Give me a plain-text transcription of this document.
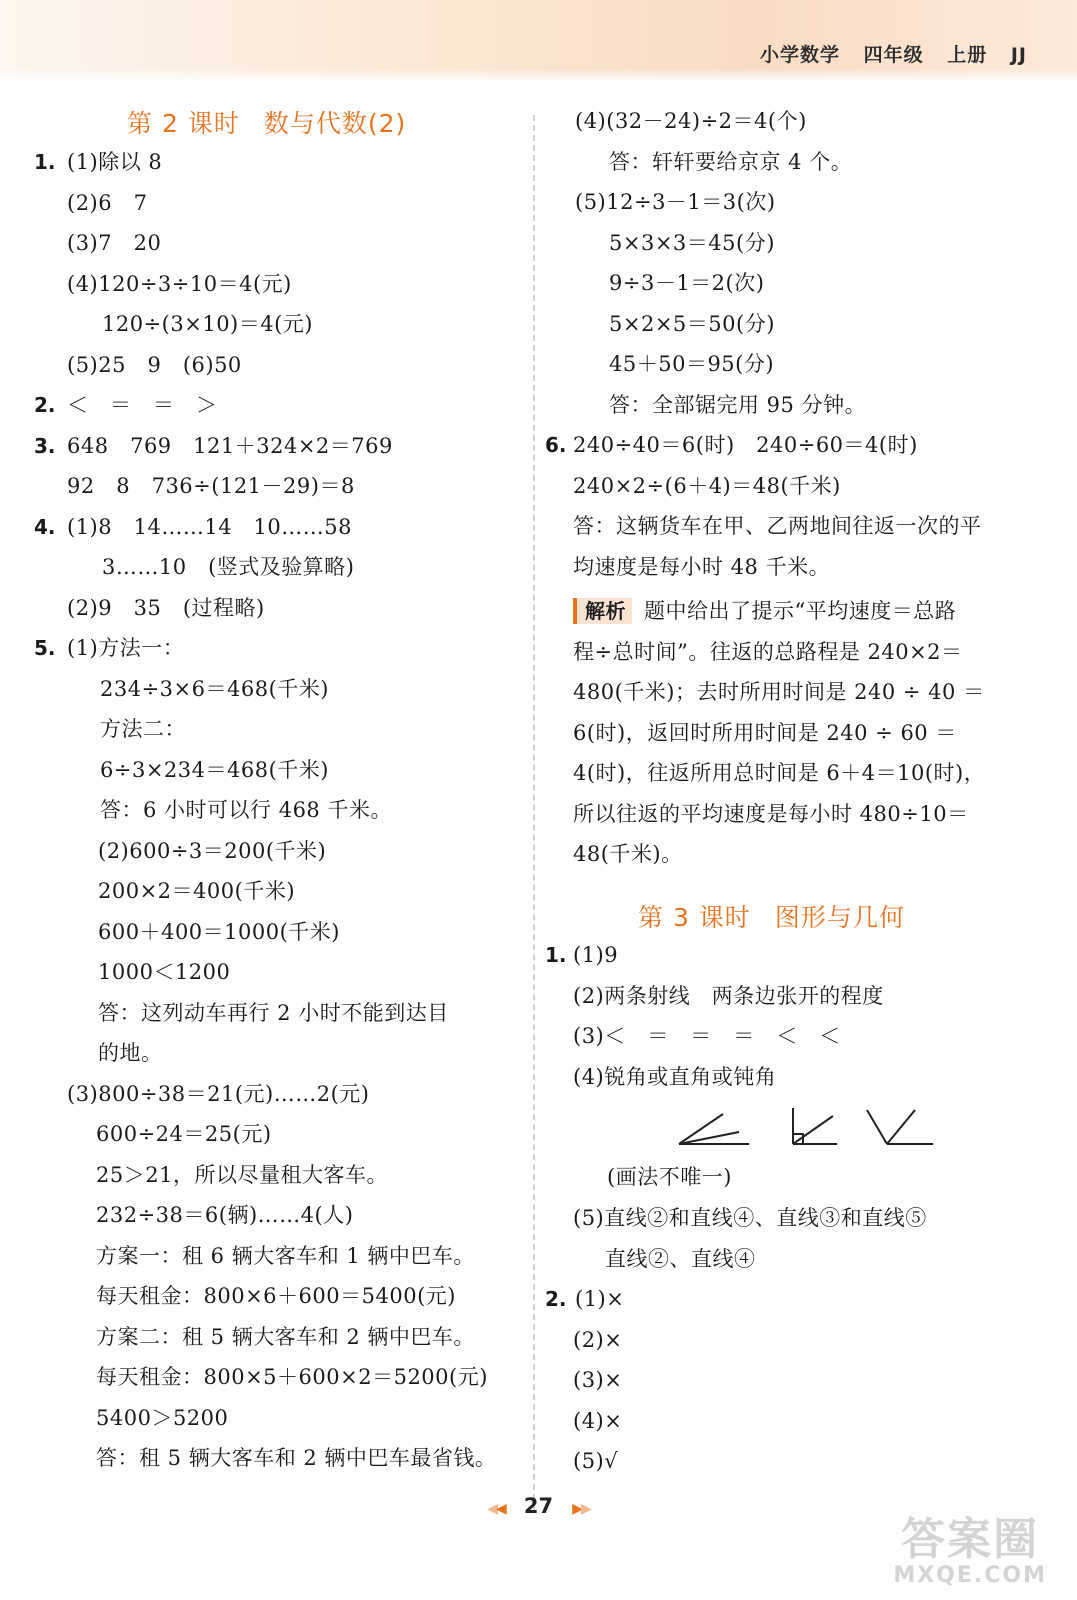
小学数学 四年级 上册 JJ
第 2 课时 数与代数(2)
1. (1)除以 8
(2)6　7
(3)7　20
(4)120÷3÷10＝4(元)
120÷(3×10)＝4(元)
(5)25　9　(6)50
2. ＜　＝　＝　＞
3. 648　769　121＋324×2＝769
92　8　736÷(121－29)＝8
4. (1)8　14……14　10……58
3……10　(竖式及验算略)
(2)9　35　(过程略)
5. (1)方法一：
234÷3×6＝468(千米)
方法二：
6÷3×234＝468(千米)
答：6 小时可以行 468 千米。
(2)600÷3＝200(千米)
200×2＝400(千米)
600＋400＝1000(千米)
1000＜1200
答：这列动车再行 2 小时不能到达目
的地。
(3)800÷38＝21(元)……2(元)
600÷24＝25(元)
25＞21，所以尽量租大客车。
232÷38＝6(辆)……4(人)
方案一：租 6 辆大客车和 1 辆中巴车。
每天租金：800×6＋600＝5400(元)
方案二：租 5 辆大客车和 2 辆中巴车。
每天租金：800×5＋600×2＝5200(元)
5400＞5200
答：租 5 辆大客车和 2 辆中巴车最省钱。
(4)(32－24)÷2＝4(个)
答：轩轩要给京京 4 个。
(5)12÷3－1＝3(次)
5×3×3＝45(分)
9÷3－1＝2(次)
5×2×5＝50(分)
45＋50＝95(分)
答：全部锯完用 95 分钟。
6. 240÷40＝6(时)　240÷60＝4(时)
240×2÷(6＋4)＝48(千米)
答：这辆货车在甲、乙两地间往返一次的平
均速度是每小时 48 千米。
解析 题中给出了提示“平均速度＝总路
程÷总时间”。往返的总路程是 240×2＝
480(千米)；去时所用时间是 240 ÷ 40 ＝
6(时)，返回时所用时间是 240 ÷ 60 ＝
4(时)，往返所用总时间是 6＋4＝10(时)，
所以往返的平均速度是每小时 480÷10＝
48(千米)。
第 3 课时 图形与几何
1. (1)9
(2)两条射线　两条边张开的程度
(3)＜　＝　＝　＝　＜　＜
(4)锐角或直角或钝角
(画法不唯一)
(5)直线②和直线④、直线③和直线⑤
直线②、直线④
2. (1)×
(2)×
(3)×
(4)×
(5)√
◀◀ 27 ▶▶
答案圈
MXQE.COM
